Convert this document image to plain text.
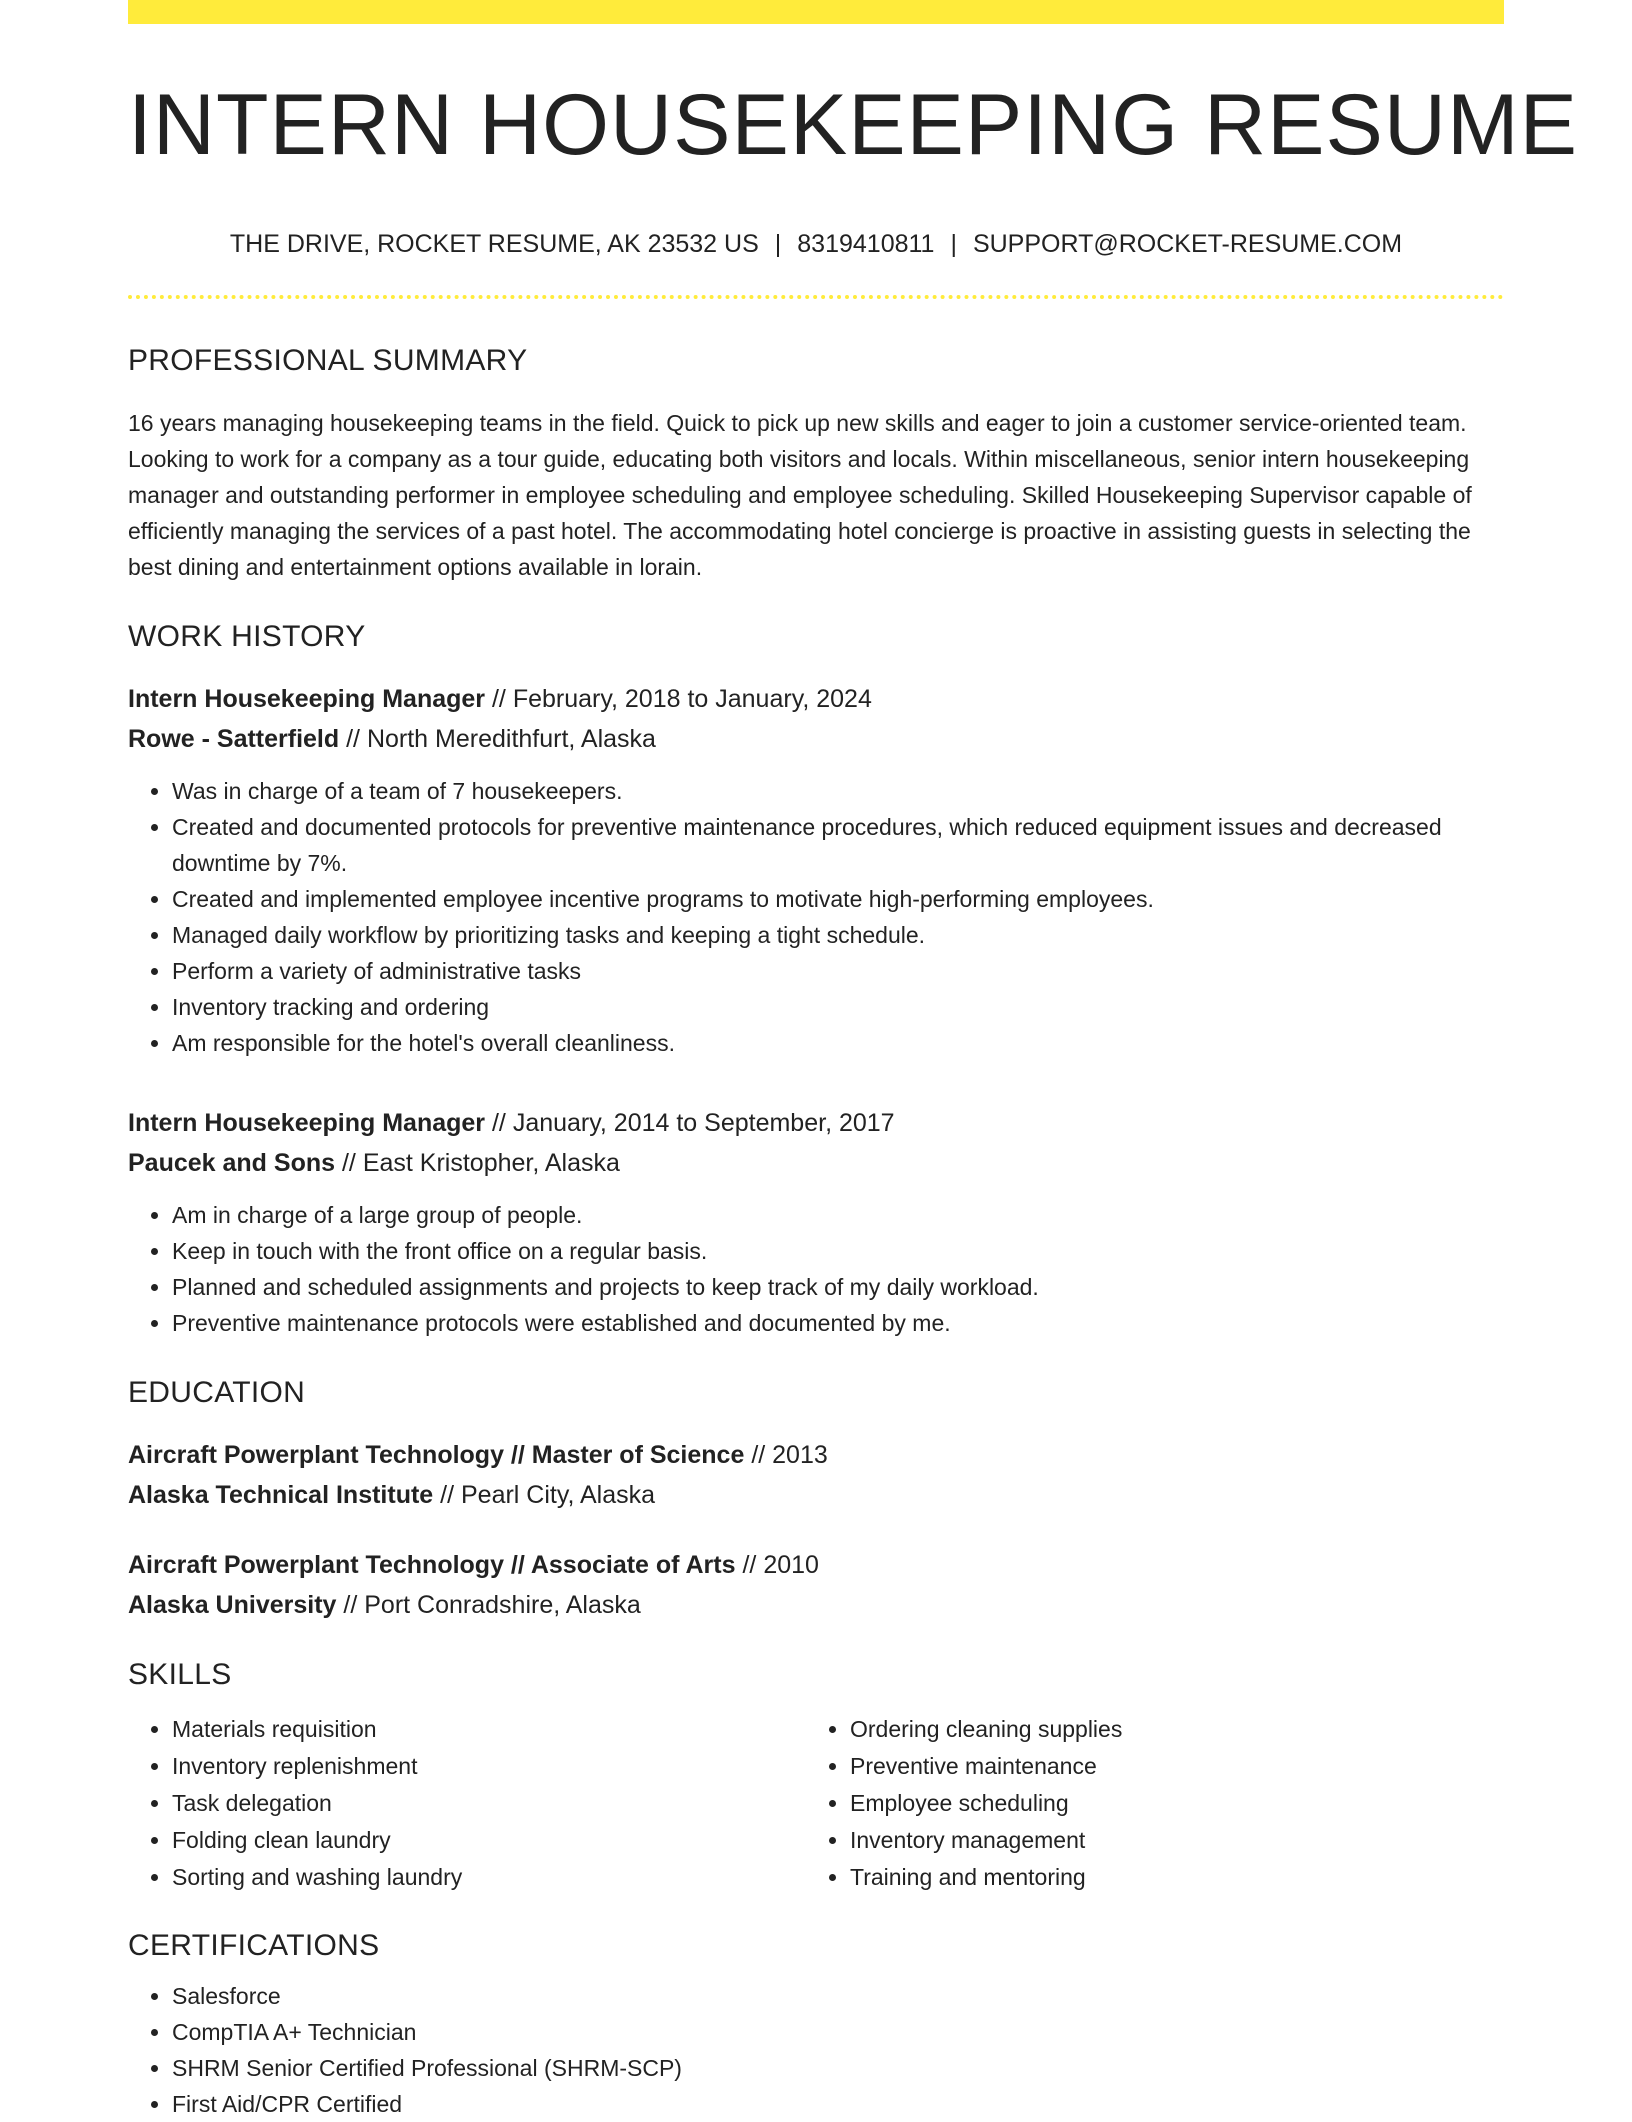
INTERN HOUSEKEEPING RESUME
THE DRIVE, ROCKET RESUME, AK 23532 US | 8319410811 | SUPPORT@ROCKET-RESUME.COM
PROFESSIONAL SUMMARY

16 years managing housekeeping teams in the field. Quick to pick up new skills and eager to join a customer service-oriented team. Looking to work for a company as a tour guide, educating both visitors and locals. Within miscellaneous, senior intern housekeeping manager and outstanding performer in employee scheduling and employee scheduling. Skilled Housekeeping Supervisor capable of efficiently managing the services of a past hotel. The accommodating hotel concierge is proactive in assisting guests in selecting the best dining and entertainment options available in lorain.

WORK HISTORY
Intern Housekeeping Manager // February, 2018 to January, 2024
Rowe - Satterfield // North Meredithfurt, Alaska
• Was in charge of a team of 7 housekeepers.
• Created and documented protocols for preventive maintenance procedures, which reduced equipment issues and decreased downtime by 7%.
• Created and implemented employee incentive programs to motivate high-performing employees.
• Managed daily workflow by prioritizing tasks and keeping a tight schedule.
• Perform a variety of administrative tasks
• Inventory tracking and ordering
• Am responsible for the hotel's overall cleanliness.
Intern Housekeeping Manager // January, 2014 to September, 2017
Paucek and Sons // East Kristopher, Alaska
• Am in charge of a large group of people.
• Keep in touch with the front office on a regular basis.
• Planned and scheduled assignments and projects to keep track of my daily workload.
• Preventive maintenance protocols were established and documented by me.
EDUCATION
Aircraft Powerplant Technology // Master of Science // 2013
Alaska Technical Institute // Pearl City, Alaska
Aircraft Powerplant Technology // Associate of Arts // 2010
Alaska University // Port Conradshire, Alaska
SKILLS
• Materials requisition
• Inventory replenishment
• Task delegation
• Folding clean laundry
• Sorting and washing laundry
• Ordering cleaning supplies
• Preventive maintenance
• Employee scheduling
• Inventory management
• Training and mentoring
CERTIFICATIONS
• Salesforce
• CompTIA A+ Technician
• SHRM Senior Certified Professional (SHRM-SCP)
• First Aid/CPR Certified
